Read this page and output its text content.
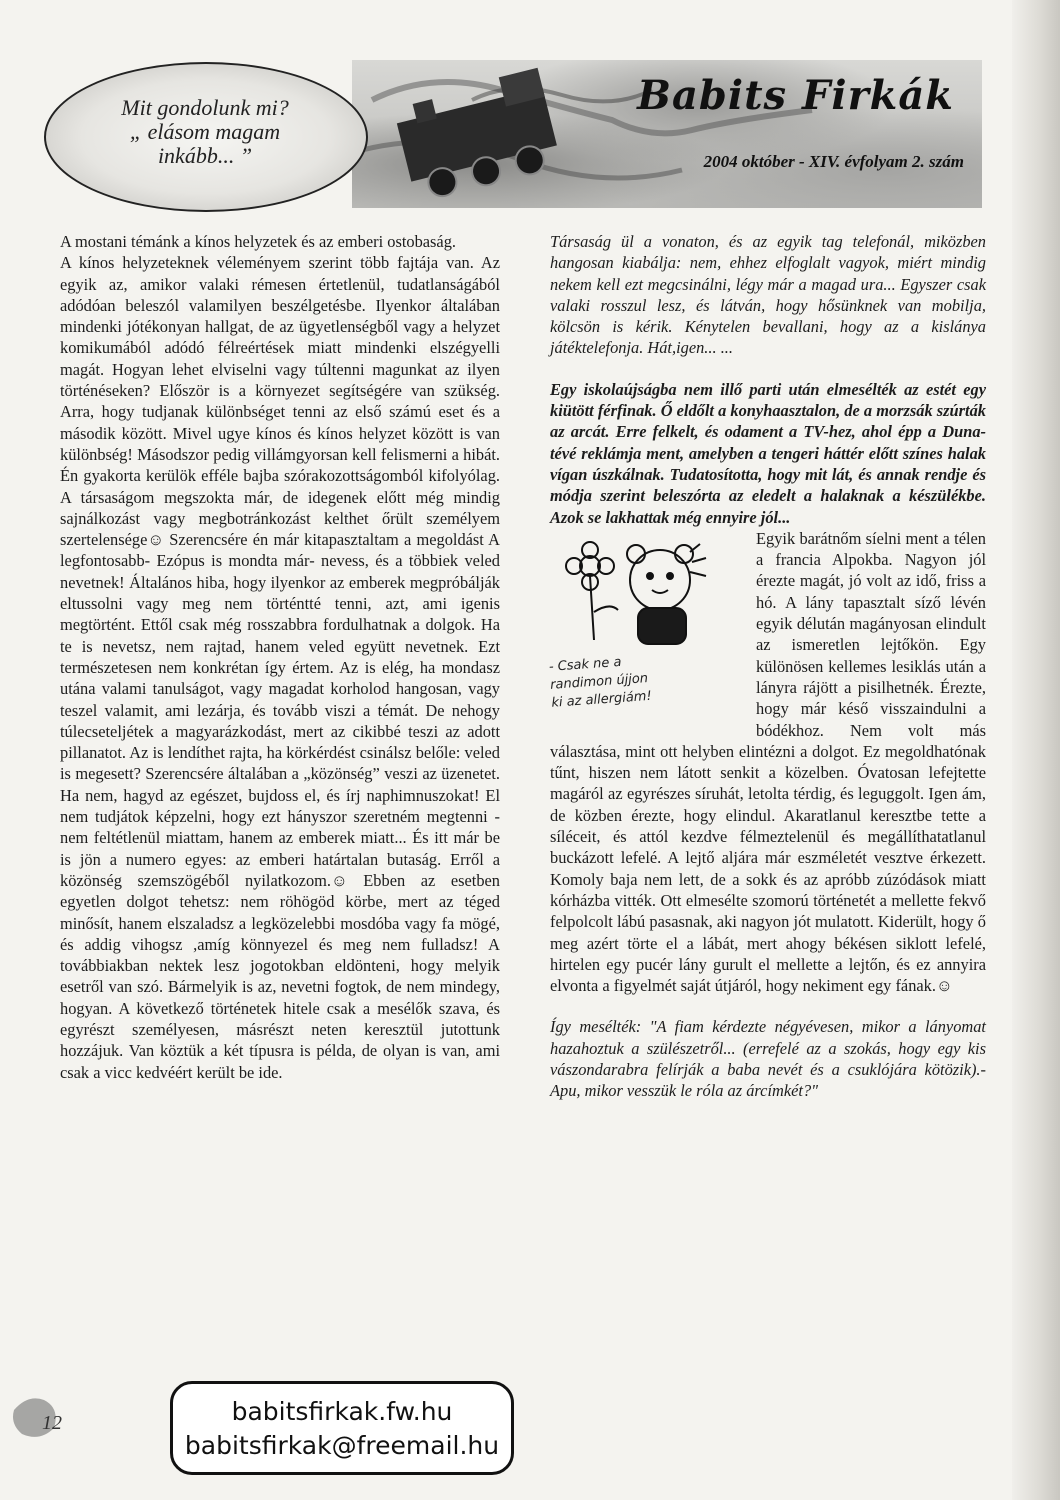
Babits Firkák
2004 október - XIV. évfolyam 2. szám
Mit gondolunk mi?
„ elásom magam
inkább... ”

A mostani témánk a kínos helyzetek és az emberi ostobaság.

A kínos helyzeteknek véleményem szerint több fajtája van. Az egyik az, amikor valaki rémesen értetlenül, tudatlanságából adódóan beleszól valamilyen beszélgetésbe. Ilyenkor általában mindenki jótékonyan hallgat, de az ügyetlenségből vagy a helyzet komikumából adódó félreértések miatt mindenki elszégyelli magát. Hogyan lehet elviselni vagy túltenni magunkat az ilyen történéseken? Először is a környezet segítségére van szükség. Arra, hogy tudjanak különbséget tenni az első számú eset és a második között. Mivel ugye kínos és kínos helyzet között is van különbség! Másodszor pedig villámgyorsan kell felismerni a hibát. Én gyakorta kerülök efféle bajba szórakozottságomból kifolyólag. A társaságom megszokta már, de idegenek előtt még mindig sajnálkozást vagy megbotránkozást kelthet őrült személyem szertelensége☺ Szerencsére én már kitapasztaltam a megoldást A legfontosabb- Ezópus is mondta már- nevess, és a többiek veled nevetnek! Általános hiba, hogy ilyenkor az emberek megpróbálják eltussolni vagy meg nem történtté tenni, azt, ami igenis megtörtént. Ettől csak még rosszabbra fordulhatnak a dolgok. Ha te is nevetsz, nem rajtad, hanem veled együtt nevetnek. Ezt természetesen nem konkrétan így értem. Az is elég, ha mondasz utána valami tanulságot, vagy magadat korholod hangosan, vagy teszel valamit, ami lezárja, és tovább viszi a témát. De nehogy túlecseteljétek a magyarázkodást, mert az cikibbé teszi az adott pillanatot. Az is lendíthet rajta, ha körkérdést csinálsz belőle: veled is megesett? Szerencsére általában a „közönség” veszi az üzenetet. Ha nem, hagyd az egészet, bujdoss el, és írj naphimnuszokat! El nem tudjátok képzelni, hogy ezt hányszor szeretném megtenni - nem feltétlenül miattam, hanem az emberek miatt... És itt már be is jön a numero egyes: az emberi határtalan butaság. Erről a közönség szemszögéből nyilatkozom.☺ Ebben az esetben egyetlen dolgot tehetsz: nem röhögöd körbe, mert az téged minősít, hanem elszaladsz a legközelebbi mosdóba vagy fa mögé, és addig vihogsz ,amíg könnyezel és meg nem fulladsz! A továbbiakban nektek lesz jogotokban eldönteni, hogy melyik esetről van szó. Bármelyik is az, nevetni fogtok, de nem mindegy, hogyan. A következő történetek hitele csak a mesélők szava, és egyrészt személyesen, másrészt neten keresztül jutottunk hozzájuk. Van köztük a két típusra is példa, de olyan is van, ami csak a vicc kedvéért került be ide.

Társaság ül a vonaton, és az egyik tag telefonál, miközben hangosan kiabálja: nem, ehhez elfoglalt vagyok, miért mindig nekem kell ezt megcsinálni, légy már a magad ura... Egyszer csak valaki rosszul lesz, és látván, hogy hősünknek van mobilja, kölcsön is kérik. Kénytelen bevallani, hogy az a kislánya játéktelefonja. Hát,igen... ...

Egy iskolaújságba nem illő parti után elmesélték az estét egy kiütött férfinak. Ő eldőlt a konyhaasztalon, de a morzsák szúrták az arcát. Erre felkelt, és odament a TV-hez, ahol épp a Duna-tévé reklámja ment, amelyben a tengeri háttér előtt színes halak vígan úszkálnak. Tudatosította, hogy mit lát, és annak rendje és módja szerint beleszórta az eledelt a halaknak a készülékbe. Azok se lakhattak még ennyire jól...

- Csak ne a
randimon újjon
ki az allergiám!

Egyik barátnőm síelni ment a télen a francia Alpokba. Nagyon jól érezte magát, jó volt az idő, friss a hó. A lány tapasztalt síző lévén egyik délután magányosan elindult az ismeretlen lejtőkön. Egy különösen kellemes lesiklás után a lányra rájött a pisilhetnék. Érezte, hogy már késő visszaindulni a bódékhoz. Nem volt más választása, mint ott helyben elintézni a dolgot. Ez megoldhatónak tűnt, hiszen nem látott senkit a közelben. Óvatosan lefejtette magáról az egyrészes síruhát, letolta térdig, és leguggolt. Igen ám, de közben érezte, hogy elindul. Akaratlanul keresztbe tette a síléceit, és attól kezdve félmeztelenül és megállíthatatlanul buckázott lefelé. A lejtő aljára már eszméletét vesztve érkezett. Komoly baja nem lett, de a sokk és az apróbb zúzódások miatt kórházba vitték. Ott elmesélte szomorú történetét a mellette fekvő felpolcolt lábú pasasnak, aki nagyon jót mulatott. Kiderült, hogy ő meg azért törte el a lábát, mert ahogy békésen siklott lefelé, hirtelen egy pucér lány gurult el mellette a lejtőn, és ez annyira elvonta a figyelmét saját útjáról, hogy nekiment egy fának.☺

Így mesélték: "A fiam kérdezte négyévesen, mikor a lányomat hazahoztuk a szülészetről... (errefelé az a szokás, hogy egy kis vászondarabra felírják a baba nevét és a csuklójára kötözik).- Apu, mikor vesszük le róla az árcímkét?"

12	babitsfirkak.fw.hu
babitsfirkak@freemail.hu
